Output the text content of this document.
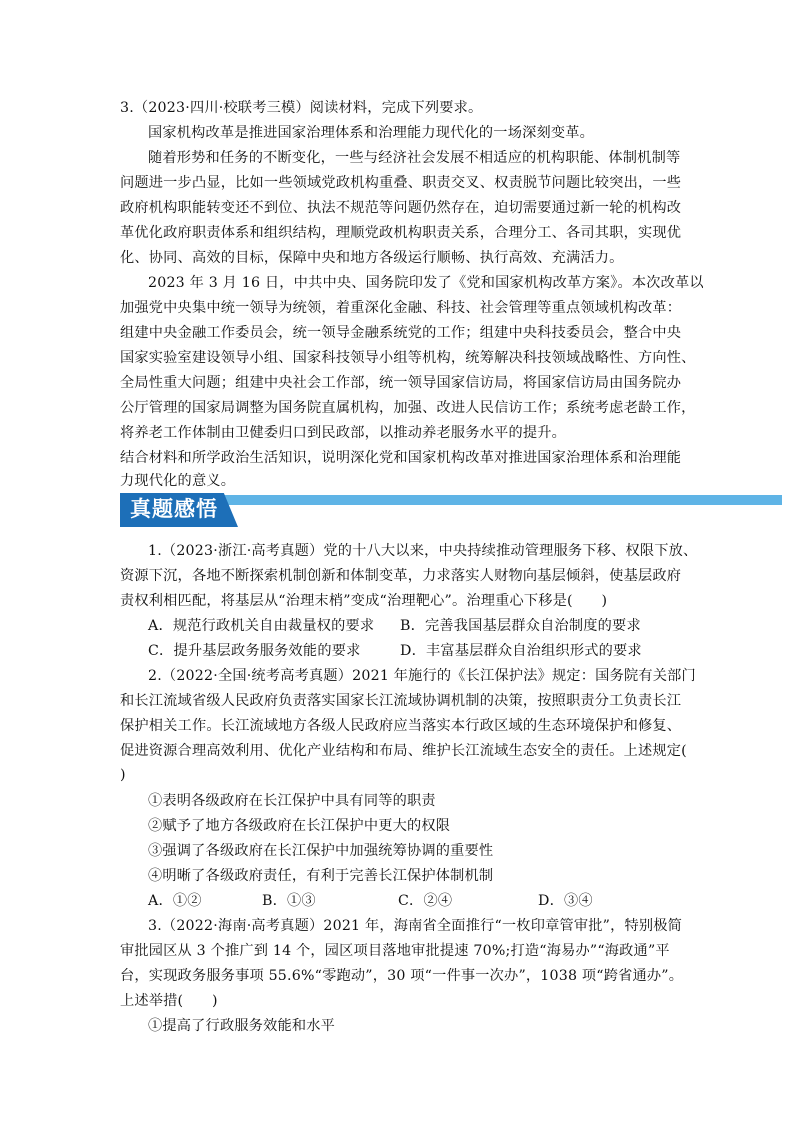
3.（2023·四川·校联考三模）阅读材料，完成下列要求。
国家机构改革是推进国家治理体系和治理能力现代化的一场深刻变革。
随着形势和任务的不断变化，一些与经济社会发展不相适应的机构职能、体制机制等
问题进一步凸显，比如一些领域党政机构重叠、职责交叉、权责脱节问题比较突出，一些
政府机构职能转变还不到位、执法不规范等问题仍然存在，迫切需要通过新一轮的机构改
革优化政府职责体系和组织结构，理顺党政机构职责关系，合理分工、各司其职，实现优
化、协同、高效的目标，保障中央和地方各级运行顺畅、执行高效、充满活力。
2023 年 3 月 16 日，中共中央、国务院印发了《党和国家机构改革方案》。本次改革以
加强党中央集中统一领导为统领，着重深化金融、科技、社会管理等重点领域机构改革：
组建中央金融工作委员会，统一领导金融系统党的工作；组建中央科技委员会，整合中央
国家实验室建设领导小组、国家科技领导小组等机构，统筹解决科技领域战略性、方向性、
全局性重大问题；组建中央社会工作部，统一领导国家信访局，将国家信访局由国务院办
公厅管理的国家局调整为国务院直属机构，加强、改进人民信访工作；系统考虑老龄工作，
将养老工作体制由卫健委归口到民政部，以推动养老服务水平的提升。
结合材料和所学政治生活知识，说明深化党和国家机构改革对推进国家治理体系和治理能
力现代化的意义。
真题感悟
1.（2023·浙江·高考真题）党的十八大以来，中央持续推动管理服务下移、权限下放、
资源下沉，各地不断探索机制创新和体制变革，力求落实人财物向基层倾斜，使基层政府
责权利相匹配，将基层从“治理末梢”变成“治理靶心”。治理重心下移是(　　)
A．规范行政机关自由裁量权的要求 B．完善我国基层群众自治制度的要求
C．提升基层政务服务效能的要求	D．丰富基层群众自治组织形式的要求
2.（2022·全国·统考高考真题）2021 年施行的《长江保护法》规定：国务院有关部门
和长江流域省级人民政府负责落实国家长江流域协调机制的决策，按照职责分工负责长江
保护相关工作。长江流域地方各级人民政府应当落实本行政区域的生态环境保护和修复、
促进资源合理高效利用、优化产业结构和布局、维护长江流域生态安全的责任。上述规定(
)
①表明各级政府在长江保护中具有同等的职责
②赋予了地方各级政府在长江保护中更大的权限
③强调了各级政府在长江保护中加强统筹协调的重要性
④明晰了各级政府责任，有利于完善长江保护体制机制
A．①②	B．①③	C．②④	D．③④
3.（2022·海南·高考真题）2021 年，海南省全面推行“一枚印章管审批”，特别极简
审批园区从 3 个推广到 14 个，园区项目落地审批提速 70%;打造“海易办”“海政通”平
台，实现政务服务事项 55.6%“零跑动”，30 项“一件事一次办”，1038 项“跨省通办”。
上述举措(　　)
①提高了行政服务效能和水平
